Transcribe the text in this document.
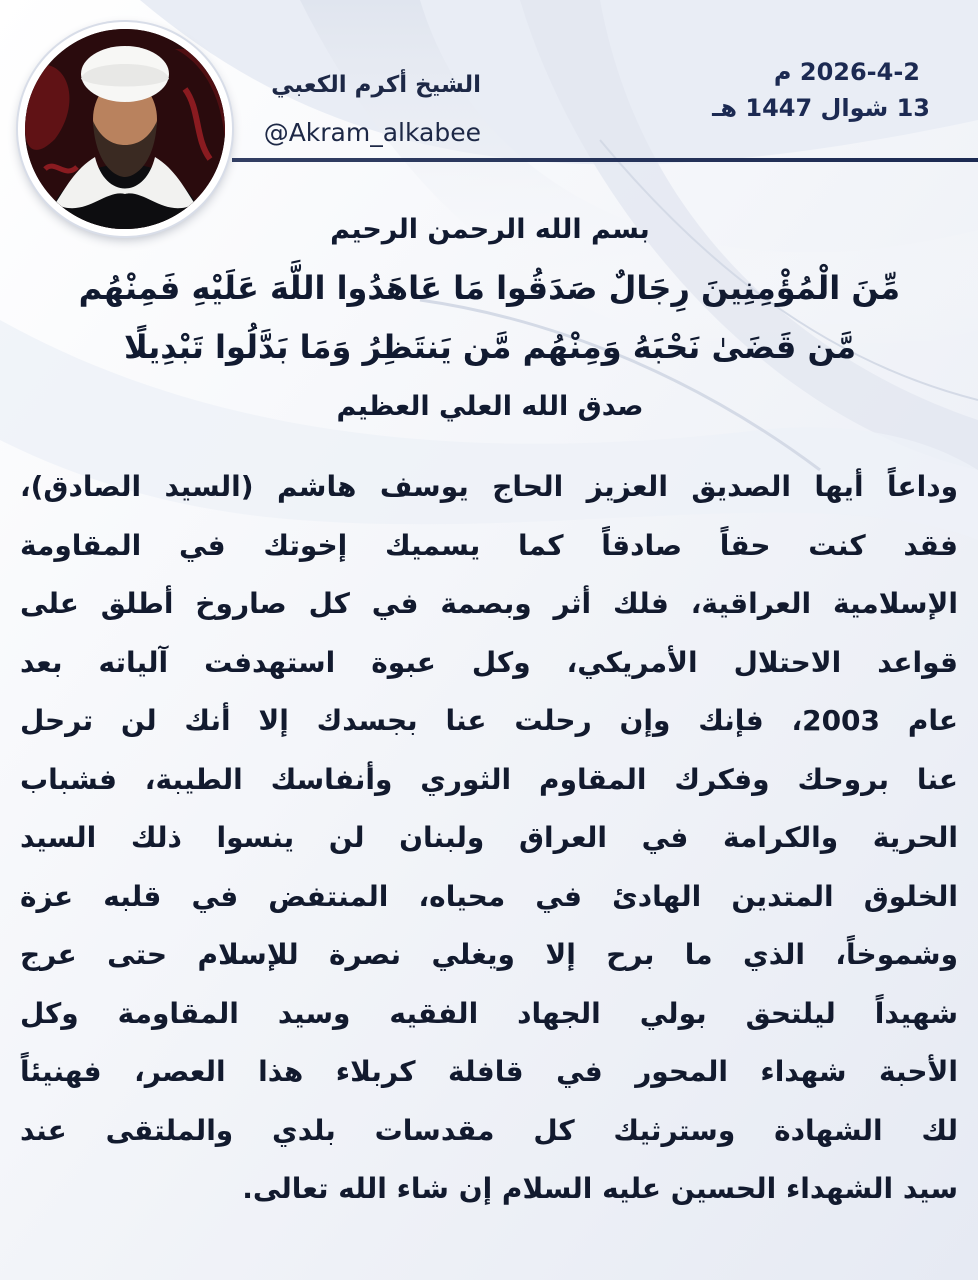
الشيخ أكرم الكعبي
@Akram_alkabee
2026-4-2 م
13 شوال 1447 هـ
بسم الله الرحمن الرحيم
مِّنَ الْمُؤْمِنِينَ رِجَالٌ صَدَقُوا مَا عَاهَدُوا اللَّهَ عَلَيْهِ فَمِنْهُم
مَّن قَضَىٰ نَحْبَهُ وَمِنْهُم مَّن يَنتَظِرُ وَمَا بَدَّلُوا تَبْدِيلًا
صدق الله العلي العظيم
وداعاً أيها الصديق العزيز الحاج يوسف هاشم (السيد الصادق)،
فقد كنت حقاً صادقاً كما يسميك إخوتك في المقاومة
الإسلامية العراقية، فلك أثر وبصمة في كل صاروخ أطلق على
قواعد الاحتلال الأمريكي، وكل عبوة استهدفت آلياته بعد
عام 2003، فإنك وإن رحلت عنا بجسدك إلا أنك لن ترحل
عنا بروحك وفكرك المقاوم الثوري وأنفاسك الطيبة، فشباب
الحرية والكرامة في العراق ولبنان لن ينسوا ذلك السيد
الخلوق المتدين الهادئ في محياه، المنتفض في قلبه عزة
وشموخاً، الذي ما برح إلا ويغلي نصرة للإسلام حتى عرج
شهيداً ليلتحق بولي الجهاد الفقيه وسيد المقاومة وكل
الأحبة شهداء المحور في قافلة كربلاء هذا العصر، فهنيئاً
لك الشهادة وسترثيك كل مقدسات بلدي والملتقى عند
سيد الشهداء الحسين عليه السلام إن شاء الله تعالى.
